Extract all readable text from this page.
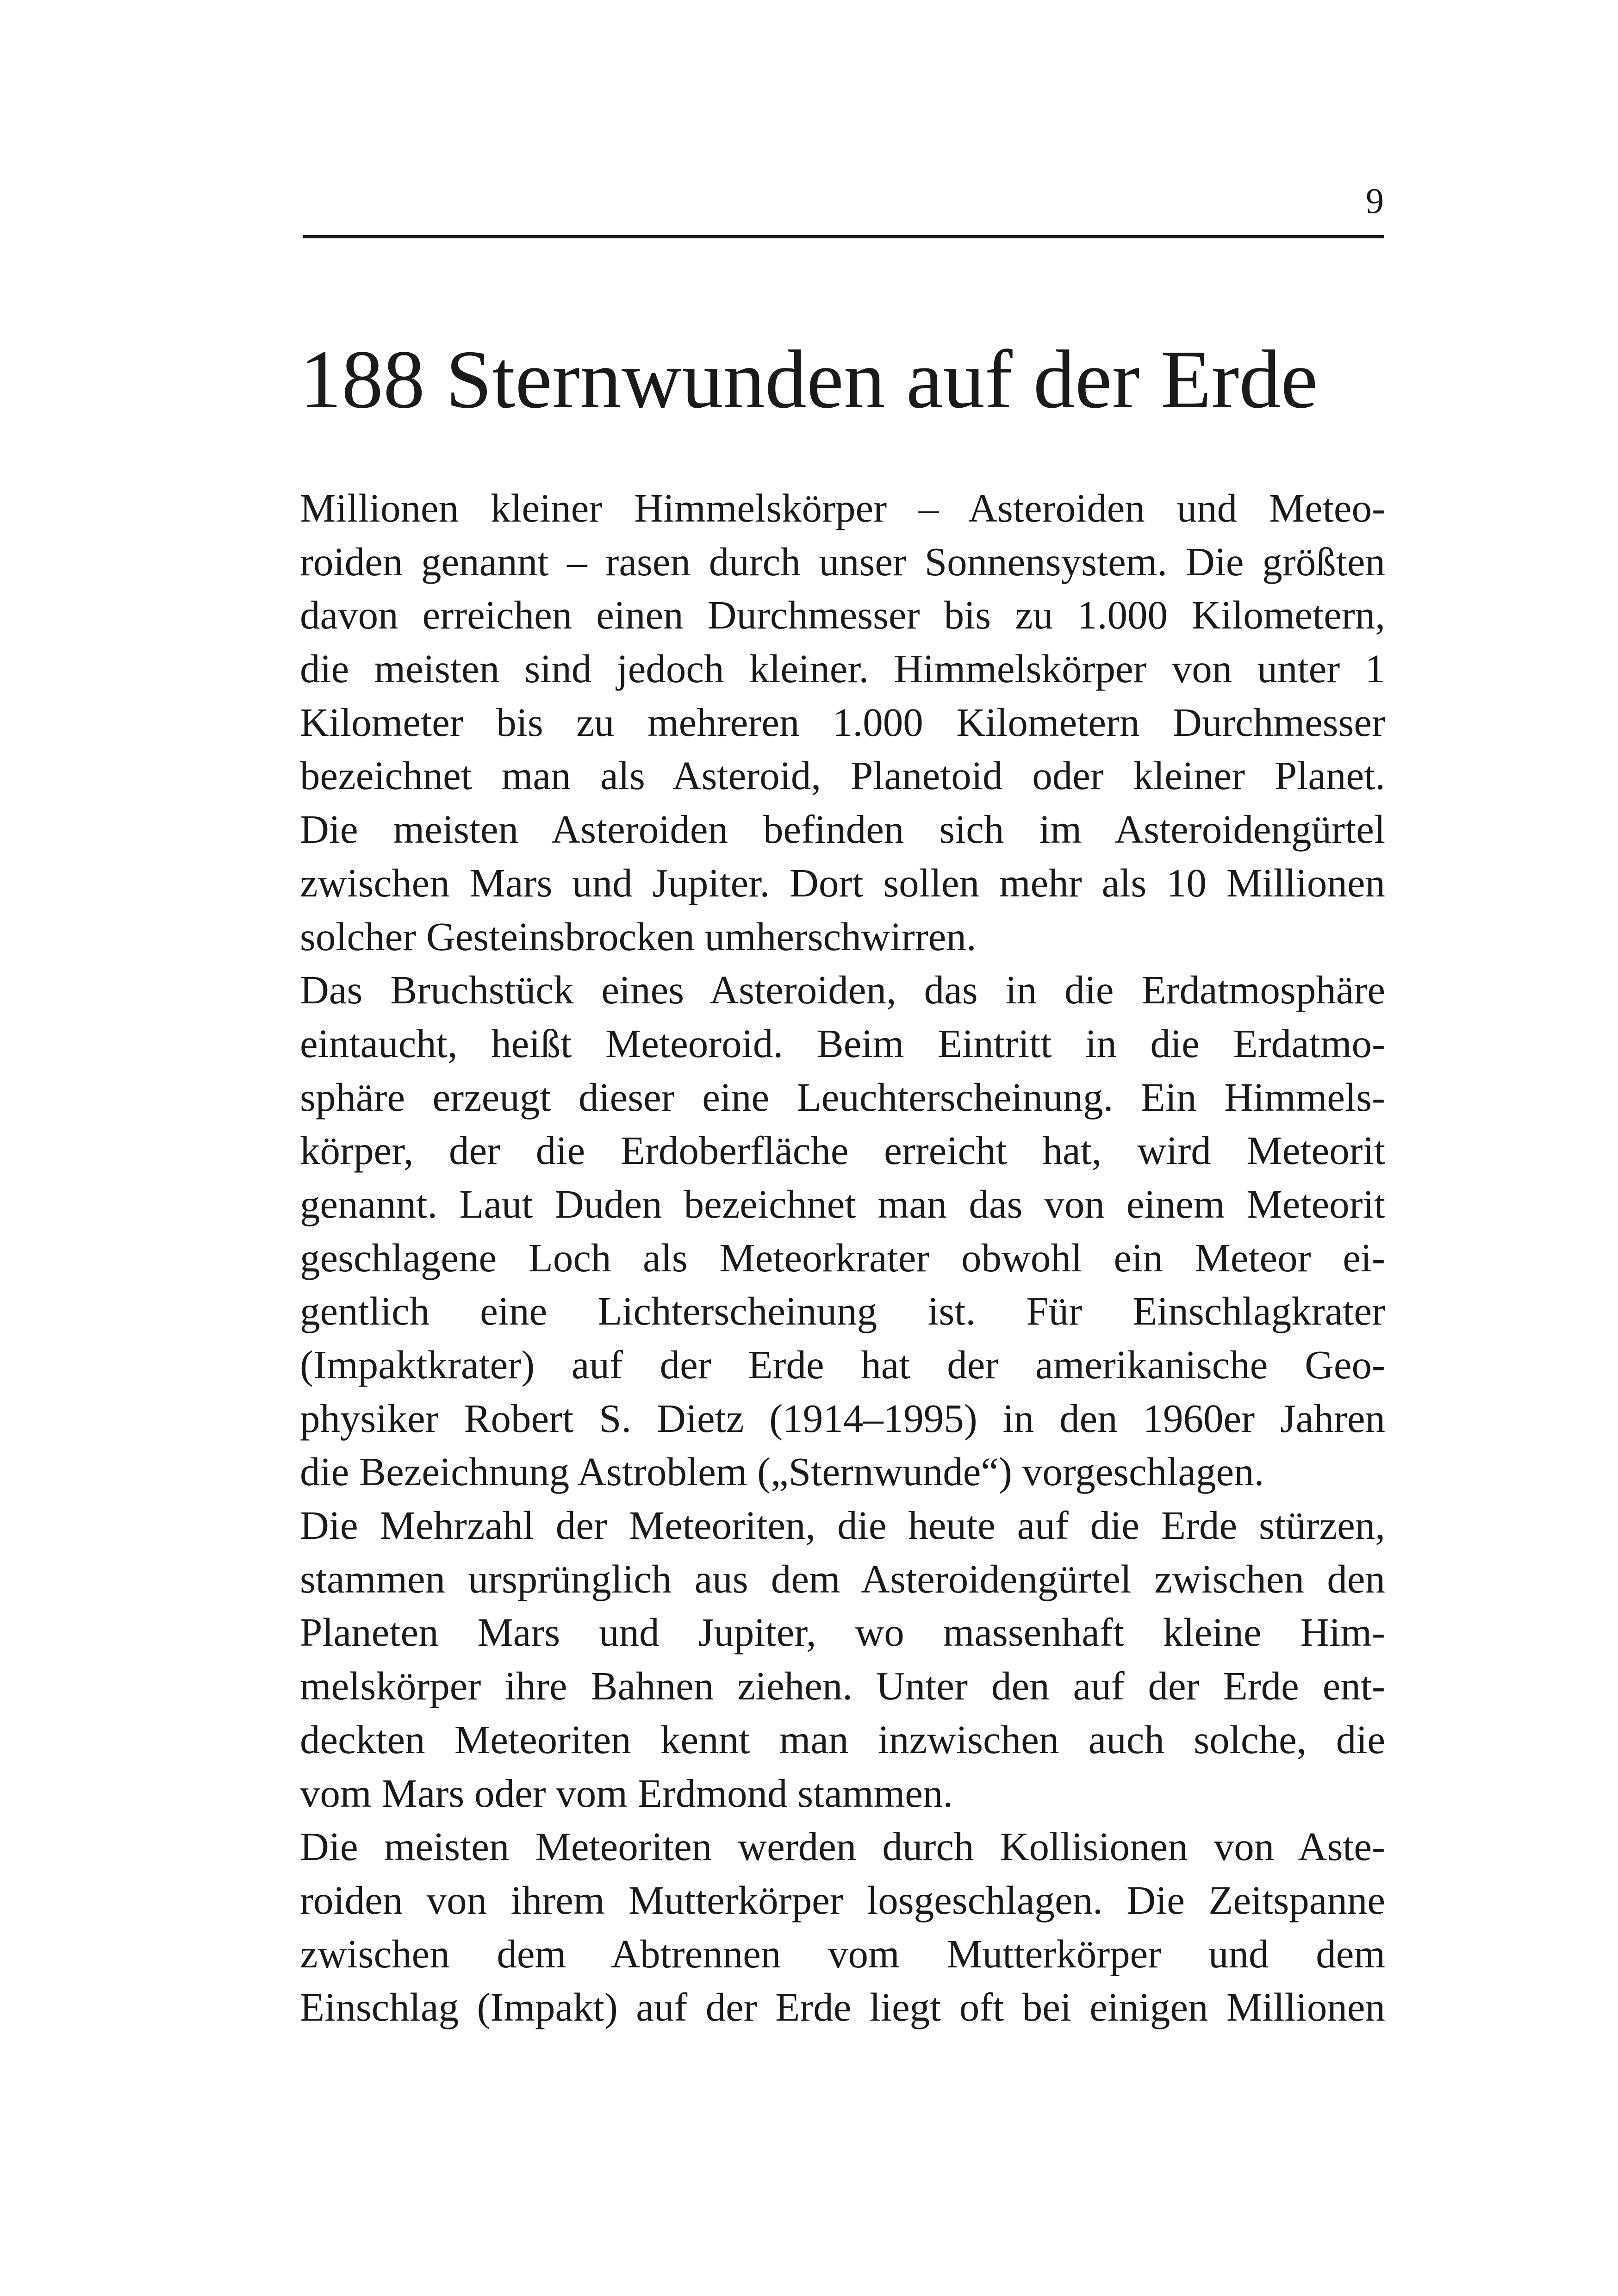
9
188 Sternwunden auf der Erde
Millionen kleiner Himmelskörper – Asteroiden und Meteo-
roiden genannt – rasen durch unser Sonnensystem. Die größten
davon erreichen einen Durchmesser bis zu 1.000 Kilometern,
die meisten sind jedoch kleiner. Himmelskörper von unter 1
Kilometer bis zu mehreren 1.000 Kilometern Durchmesser
bezeichnet man als Asteroid, Planetoid oder kleiner Planet.
Die meisten Asteroiden befinden sich im Asteroidengürtel
zwischen Mars und Jupiter. Dort sollen mehr als 10 Millionen
solcher Gesteinsbrocken umherschwirren.
Das Bruchstück eines Asteroiden, das in die Erdatmosphäre
eintaucht, heißt Meteoroid. Beim Eintritt in die Erdatmo-
sphäre erzeugt dieser eine Leuchterscheinung. Ein Himmels-
körper, der die Erdoberfläche erreicht hat, wird Meteorit
genannt. Laut Duden bezeichnet man das von einem Meteorit
geschlagene Loch als Meteorkrater obwohl ein Meteor ei-
gentlich eine Lichterscheinung ist. Für Einschlagkrater
(Impaktkrater) auf der Erde hat der amerikanische Geo-
physiker Robert S. Dietz (1914–1995) in den 1960er Jahren
die Bezeichnung Astroblem („Sternwunde“) vorgeschlagen.
Die Mehrzahl der Meteoriten, die heute auf die Erde stürzen,
stammen ursprünglich aus dem Asteroidengürtel zwischen den
Planeten Mars und Jupiter, wo massenhaft kleine Him-
melskörper ihre Bahnen ziehen. Unter den auf der Erde ent-
deckten Meteoriten kennt man inzwischen auch solche, die
vom Mars oder vom Erdmond stammen.
Die meisten Meteoriten werden durch Kollisionen von Aste-
roiden von ihrem Mutterkörper losgeschlagen. Die Zeitspanne
zwischen dem Abtrennen vom Mutterkörper und dem
Einschlag (Impakt) auf der Erde liegt oft bei einigen Millionen
